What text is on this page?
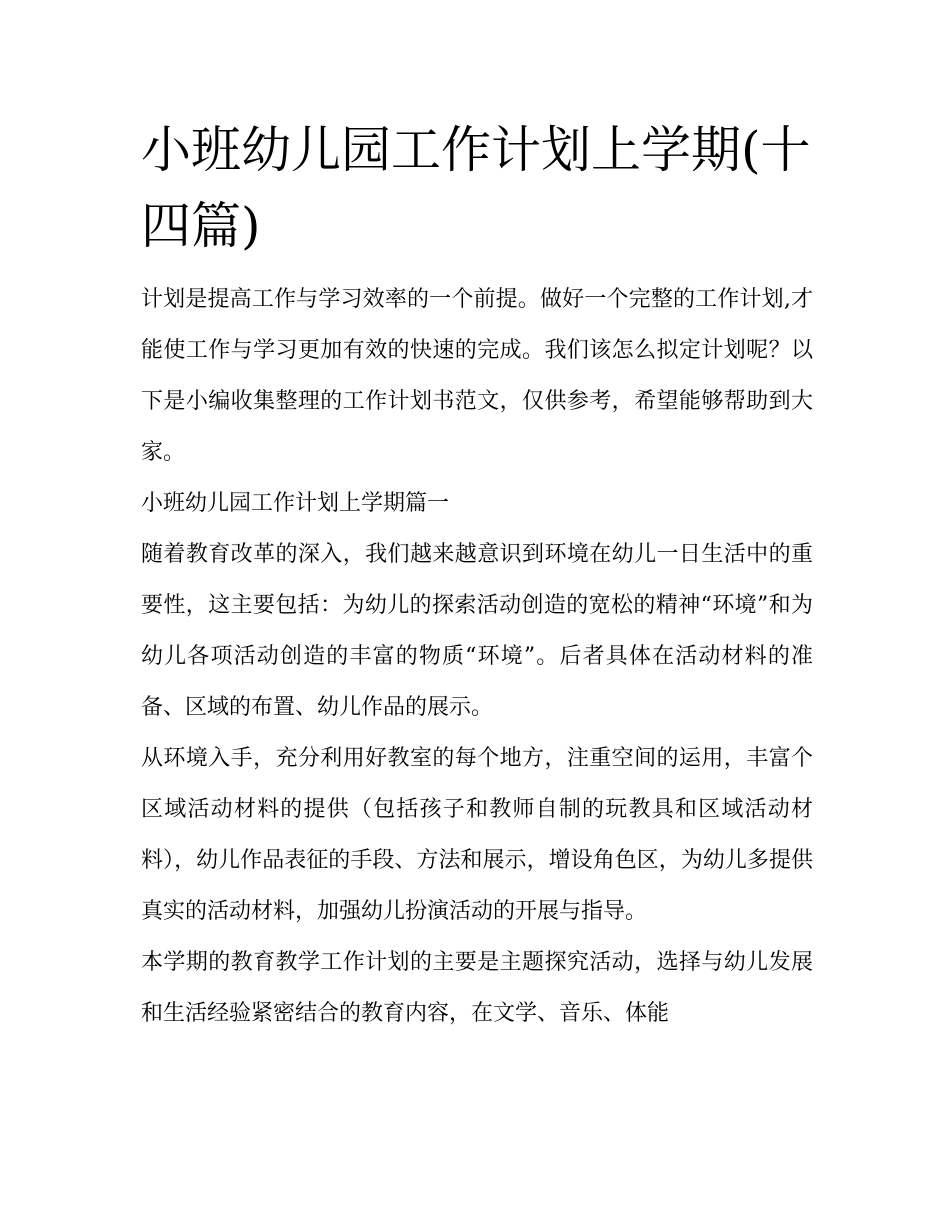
小班幼儿园工作计划上学期(十四篇)

计划是提高工作与学习效率的一个前提。做好一个完整的工作计划,才能使工作与学习更加有效的快速的完成。我们该怎么拟定计划呢？以下是小编收集整理的工作计划书范文，仅供参考，希望能够帮助到大家。

小班幼儿园工作计划上学期篇一

随着教育改革的深入，我们越来越意识到环境在幼儿一日生活中的重要性，这主要包括：为幼儿的探索活动创造的宽松的精神“环境”和为幼儿各项活动创造的丰富的物质“环境”。后者具体在活动材料的准备、区域的布置、幼儿作品的展示。

从环境入手，充分利用好教室的每个地方，注重空间的运用，丰富个区域活动材料的提供（包括孩子和教师自制的玩教具和区域活动材料），幼儿作品表征的手段、方法和展示，增设角色区，为幼儿多提供真实的活动材料，加强幼儿扮演活动的开展与指导。

本学期的教育教学工作计划的主要是主题探究活动，选择与幼儿发展和生活经验紧密结合的教育内容，在文学、音乐、体能
